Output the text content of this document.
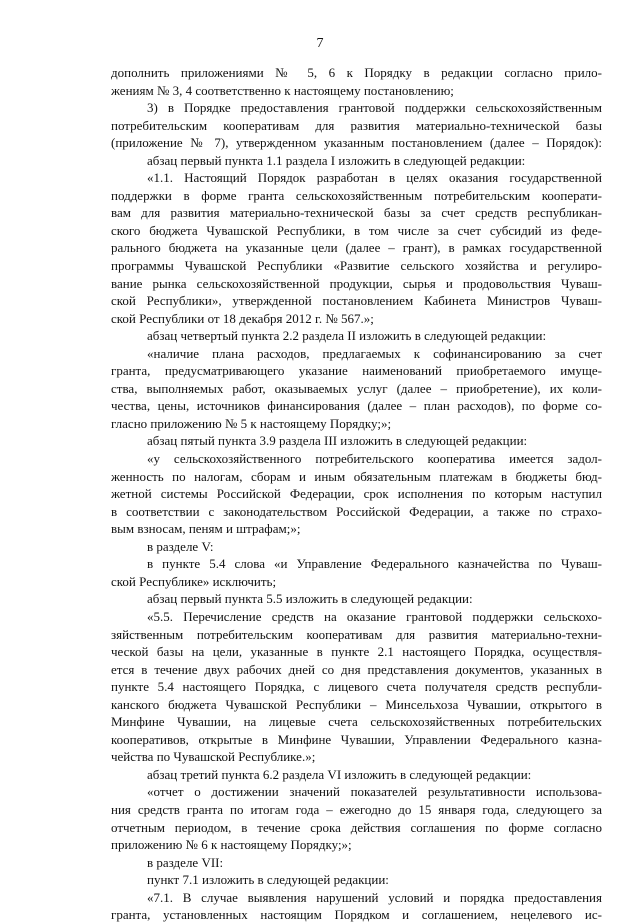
7
дополнить приложениями № 5, 6 к Порядку в редакции согласно прило-
жениям № 3, 4 соответственно к настоящему постановлению;
3) в Порядке предоставления грантовой поддержки сельскохозяйственным
потребительским кооперативам для развития материально-технической базы
(приложение № 7), утвержденном указанным постановлением (далее – Порядок):
абзац первый пункта 1.1 раздела I изложить в следующей редакции:
«1.1. Настоящий Порядок разработан в целях оказания государственной
поддержки в форме гранта сельскохозяйственным потребительским кооперати-
вам для развития материально-технической базы за счет средств республикан-
ского бюджета Чувашской Республики, в том числе за счет субсидий из феде-
рального бюджета на указанные цели (далее – грант), в рамках государственной
программы Чувашской Республики «Развитие сельского хозяйства и регулиро-
вание рынка сельскохозяйственной продукции, сырья и продовольствия Чуваш-
ской Республики», утвержденной постановлением Кабинета Министров Чуваш-
ской Республики от 18 декабря 2012 г. № 567.»;
абзац четвертый пункта 2.2 раздела II изложить в следующей редакции:
«наличие плана расходов, предлагаемых к софинансированию за счет
гранта, предусматривающего указание наименований приобретаемого имуще-
ства, выполняемых работ, оказываемых услуг (далее – приобретение), их коли-
чества, цены, источников финансирования (далее – план расходов), по форме со-
гласно приложению № 5 к настоящему Порядку;»;
абзац пятый пункта 3.9 раздела III изложить в следующей редакции:
«у сельскохозяйственного потребительского кооператива имеется задол-
женность по налогам, сборам и иным обязательным платежам в бюджеты бюд-
жетной системы Российской Федерации, срок исполнения по которым наступил
в соответствии с законодательством Российской Федерации, а также по страхо-
вым взносам, пеням и штрафам;»;
в разделе V:
в пункте 5.4 слова «и Управление Федерального казначейства по Чуваш-
ской Республике» исключить;
абзац первый пункта 5.5 изложить в следующей редакции:
«5.5. Перечисление средств на оказание грантовой поддержки сельскохо-
зяйственным потребительским кооперативам для развития материально-техни-
ческой базы на цели, указанные в пункте 2.1 настоящего Порядка, осуществля-
ется в течение двух рабочих дней со дня представления документов, указанных в
пункте 5.4 настоящего Порядка, с лицевого счета получателя средств республи-
канского бюджета Чувашской Республики – Минсельхоза Чувашии, открытого в
Минфине Чувашии, на лицевые счета сельскохозяйственных потребительских
кооперативов, открытые в Минфине Чувашии, Управлении Федерального казна-
чейства по Чувашской Республике.»;
абзац третий пункта 6.2 раздела VI изложить в следующей редакции:
«отчет о достижении значений показателей результативности использова-
ния средств гранта по итогам года – ежегодно до 15 января года, следующего за
отчетным периодом, в течение срока действия соглашения по форме согласно
приложению № 6 к настоящему Порядку;»;
в разделе VII:
пункт 7.1 изложить в следующей редакции:
«7.1. В случае выявления нарушений условий и порядка предоставления
гранта, установленных настоящим Порядком и соглашением, нецелевого ис-
